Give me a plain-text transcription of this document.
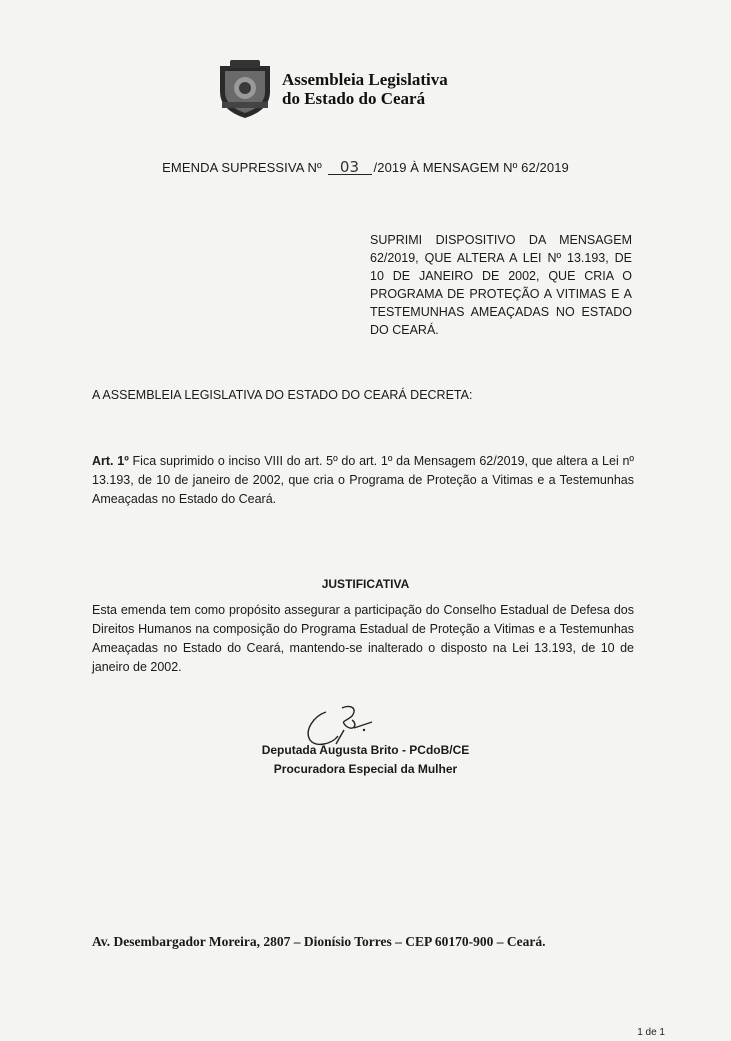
Assembleia Legislativa
do Estado do Ceará
EMENDA SUPRESSIVA Nº 03 /2019 À MENSAGEM Nº 62/2019
SUPRIMI DISPOSITIVO DA MENSAGEM 62/2019, QUE ALTERA A LEI Nº 13.193, DE 10 DE JANEIRO DE 2002, QUE CRIA O PROGRAMA DE PROTEÇÃO A VITIMAS E A TESTEMUNHAS AMEAÇADAS NO ESTADO DO CEARÁ.
A ASSEMBLEIA LEGISLATIVA DO ESTADO DO CEARÁ DECRETA:
Art. 1º Fica suprimido o inciso VIII do art. 5º do art. 1º da Mensagem 62/2019, que altera a Lei nº 13.193, de 10 de janeiro de 2002, que cria o Programa de Proteção a Vitimas e a Testemunhas Ameaçadas no Estado do Ceará.
JUSTIFICATIVA
Esta emenda tem como propósito assegurar a participação do Conselho Estadual de Defesa dos Direitos Humanos na composição do Programa Estadual de Proteção a Vitimas e a Testemunhas Ameaçadas no Estado do Ceará, mantendo-se inalterado o disposto na Lei 13.193, de 10 de janeiro de 2002.
Deputada Augusta Brito - PCdoB/CE
Procuradora Especial da Mulher
Av. Desembargador Moreira, 2807 – Dionísio Torres – CEP 60170-900 – Ceará.
1 de 1
